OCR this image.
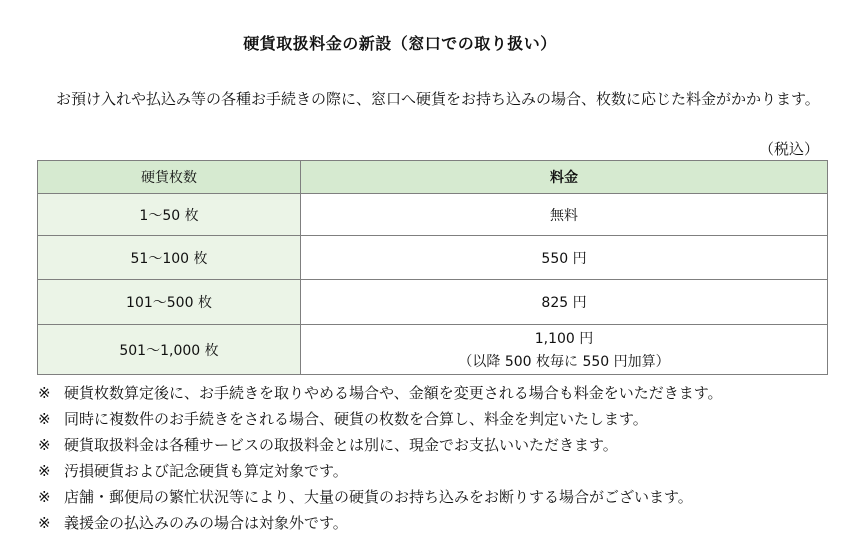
硬貨取扱料金の新設（窓口での取り扱い）

お預け入れや払込み等の各種お手続きの際に、窓口へ硬貨をお持ち込みの場合、枚数に応じた料金がかかります。

（税込）
硬貨枚数	料金
1～50 枚	無料
51～100 枚	550 円
101～500 枚	825 円
501～1,000 枚	1,100 円
（以降 500 枚毎に 550 円加算）
※ 硬貨枚数算定後に、お手続きを取りやめる場合や、金額を変更される場合も料金をいただきます。
※ 同時に複数件のお手続きをされる場合、硬貨の枚数を合算し、料金を判定いたします。
※ 硬貨取扱料金は各種サービスの取扱料金とは別に、現金でお支払いいただきます。
※ 汚損硬貨および記念硬貨も算定対象です。
※ 店舗・郵便局の繁忙状況等により、大量の硬貨のお持ち込みをお断りする場合がございます。
※ 義援金の払込みのみの場合は対象外です。
